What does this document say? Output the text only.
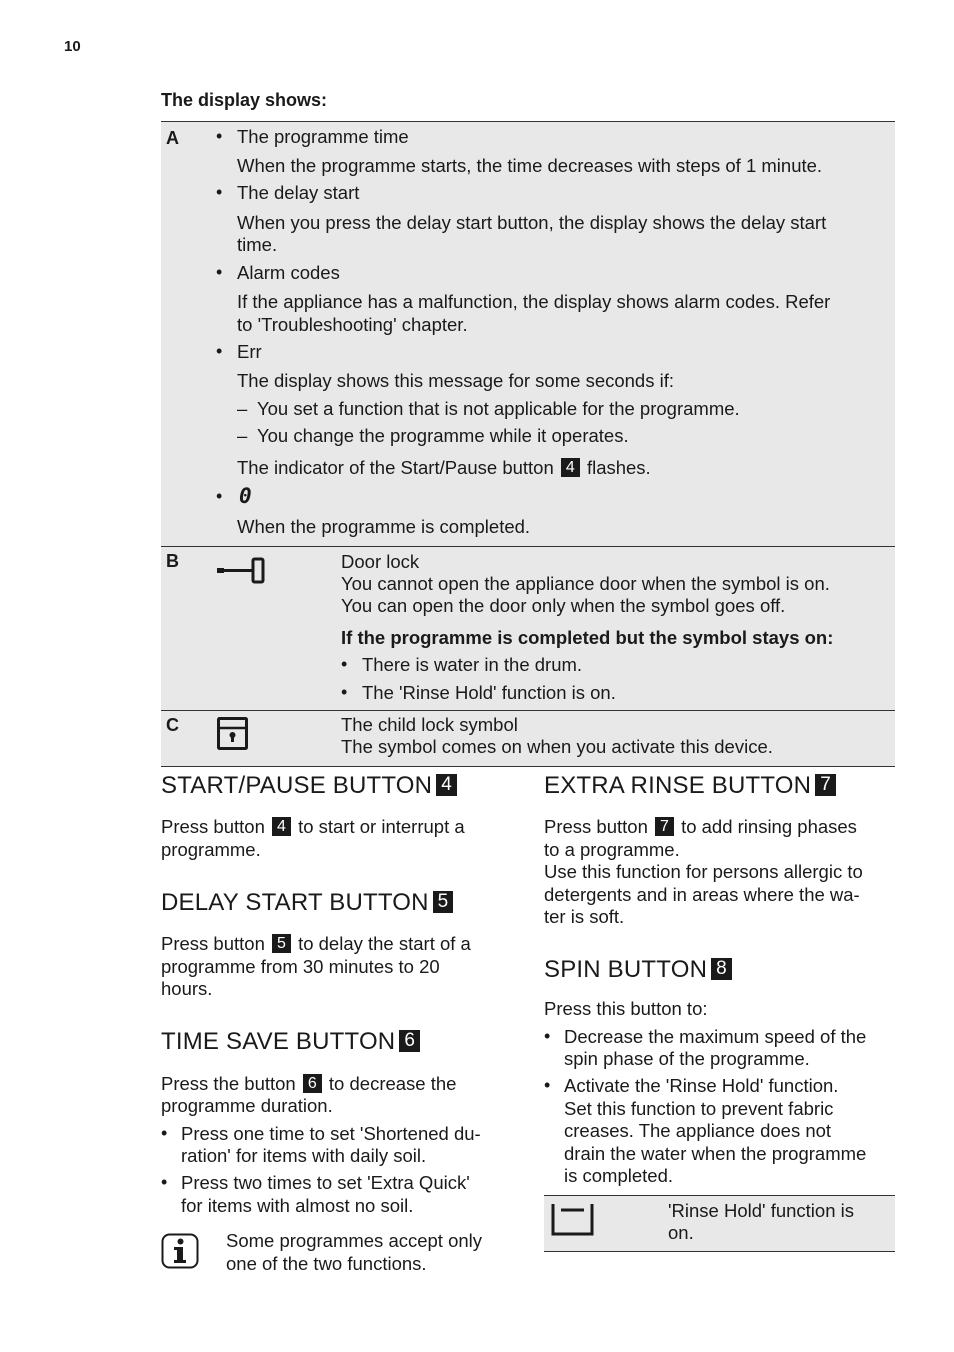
10
The display shows:
A • The programme time
When the programme starts, the time decreases with steps of 1 minute.
• The delay start
When you press the delay start button, the display shows the delay start
time.
• Alarm codes
If the appliance has a malfunction, the display shows alarm codes. Refer
to 'Troubleshooting' chapter.
• Err
The display shows this message for some seconds if:
– You set a function that is not applicable for the programme.
– You change the programme while it operates.
The indicator of the Start/Pause button 4 flashes.
• 0
When the programme is completed.
B	Door lock
You cannot open the appliance door when the symbol is on.
You can open the door only when the symbol goes off.
If the programme is completed but the symbol stays on:
• There is water in the drum.
• The 'Rinse Hold' function is on.
C	The child lock symbol
The symbol comes on when you activate this device.
START/PAUSE BUTTON 4
Press button 4 to start or interrupt a
programme.
DELAY START BUTTON 5
Press button 5 to delay the start of a
programme from 30 minutes to 20
hours.
TIME SAVE BUTTON 6
Press the button 6 to decrease the
programme duration.
• Press one time to set 'Shortened du-
ration' for items with daily soil.
• Press two times to set 'Extra Quick'
for items with almost no soil.
Some programmes accept only
one of the two functions.
EXTRA RINSE BUTTON 7
Press button 7 to add rinsing phases
to a programme.
Use this function for persons allergic to
detergents and in areas where the wa-
ter is soft.
SPIN BUTTON 8
Press this button to:
• Decrease the maximum speed of the
spin phase of the programme.
• Activate the 'Rinse Hold' function.
Set this function to prevent fabric
creases. The appliance does not
drain the water when the programme
is completed.
'Rinse Hold' function is
on.
